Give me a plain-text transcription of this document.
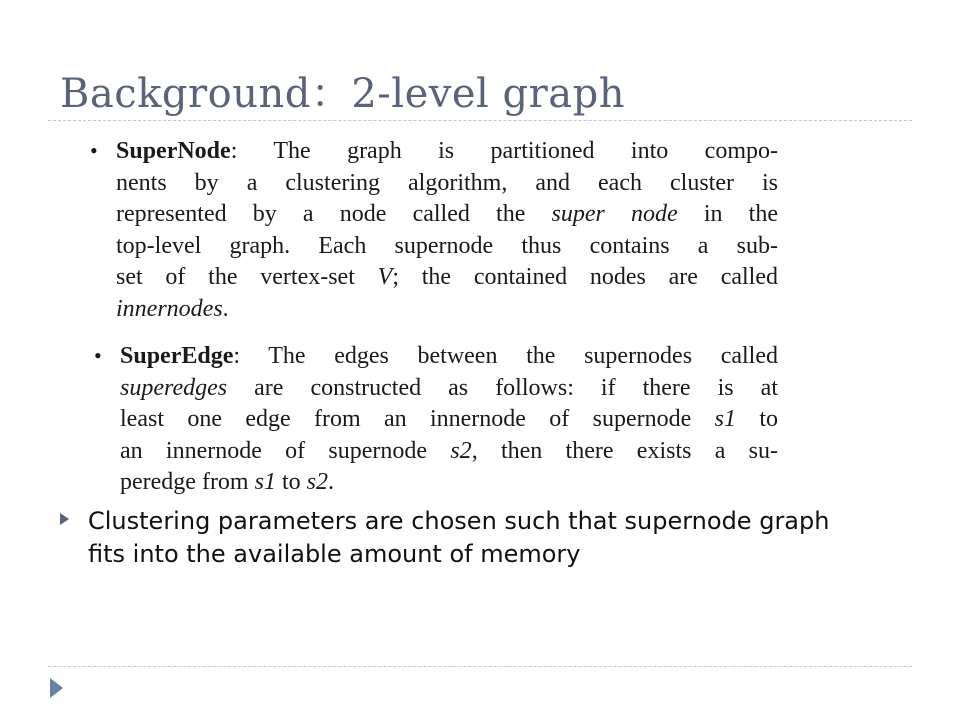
Background：2-level graph
• SuperNode: The graph is partitioned into compo-
nents by a clustering algorithm, and each cluster is
represented by a node called the super node in the
top-level graph. Each supernode thus contains a sub-
set of the vertex-set V; the contained nodes are called
innernodes.
• SuperEdge: The edges between the supernodes called
superedges are constructed as follows: if there is at
least one edge from an innernode of supernode s1 to
an innernode of supernode s2, then there exists a su-
peredge from s1 to s2.
Clustering parameters are chosen such that supernode graph fits into the available amount of memory
